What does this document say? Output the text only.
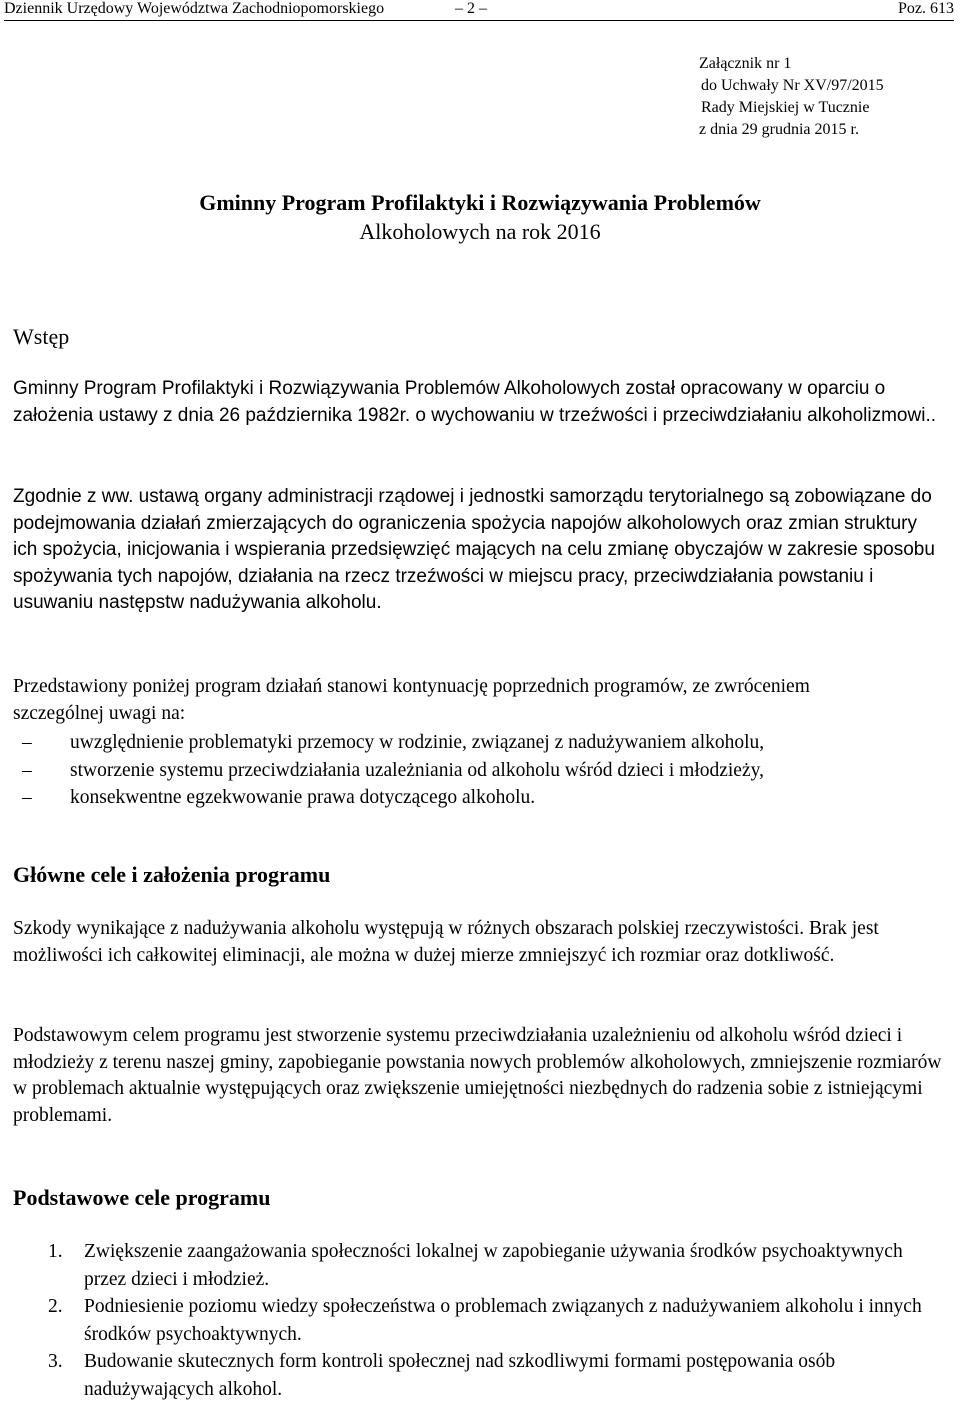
Dziennik Urzędowy Województwa Zachodniopomorskiego	– 2 –	Poz. 613
Załącznik nr 1
do Uchwały Nr XV/97/2015
Rady Miejskiej w Tucznie
z dnia 29 grudnia 2015 r.
Gminny Program Profilaktyki i Rozwiązywania Problemów
Alkoholowych na rok 2016
Wstęp
Gminny Program Profilaktyki i Rozwiązywania Problemów Alkoholowych został opracowany w oparciu o założenia ustawy z dnia 26 października 1982r. o wychowaniu w trzeźwości i przeciwdziałaniu alkoholizmowi..
Zgodnie z ww. ustawą organy administracji rządowej i jednostki samorządu terytorialnego są zobowiązane do podejmowania działań zmierzających do ograniczenia spożycia napojów alkoholowych oraz zmian struktury ich spożycia, inicjowania i wspierania przedsięwzięć mających na celu zmianę obyczajów w zakresie sposobu spożywania tych napojów, działania na rzecz trzeźwości w miejscu pracy, przeciwdziałania powstaniu i usuwaniu następstw nadużywania alkoholu.
Przedstawiony poniżej program działań stanowi kontynuację poprzednich programów, ze zwróceniem szczególnej uwagi na:
–	uwzględnienie problematyki przemocy w rodzinie, związanej z nadużywaniem alkoholu,
–	stworzenie systemu przeciwdziałania uzależniania od alkoholu wśród dzieci i młodzieży,
–	konsekwentne egzekwowanie prawa dotyczącego alkoholu.
Główne cele i założenia programu
Szkody wynikające z nadużywania alkoholu występują w różnych obszarach polskiej rzeczywistości. Brak jest możliwości ich całkowitej eliminacji, ale można w dużej mierze zmniejszyć ich rozmiar oraz dotkliwość.
Podstawowym celem programu jest stworzenie systemu przeciwdziałania uzależnieniu od alkoholu wśród dzieci i młodzieży z terenu naszej gminy, zapobieganie powstania nowych problemów alkoholowych, zmniejszenie rozmiarów w problemach aktualnie występujących oraz zwiększenie umiejętności niezbędnych do radzenia sobie z istniejącymi problemami.
Podstawowe cele programu
1. Zwiększenie zaangażowania społeczności lokalnej w zapobieganie używania środków psychoaktywnych przez dzieci i młodzież.
2. Podniesienie poziomu wiedzy społeczeństwa o problemach związanych z nadużywaniem alkoholu i innych środków psychoaktywnych.
3. Budowanie skutecznych form kontroli społecznej nad szkodliwymi formami postępowania osób nadużywających alkohol.
